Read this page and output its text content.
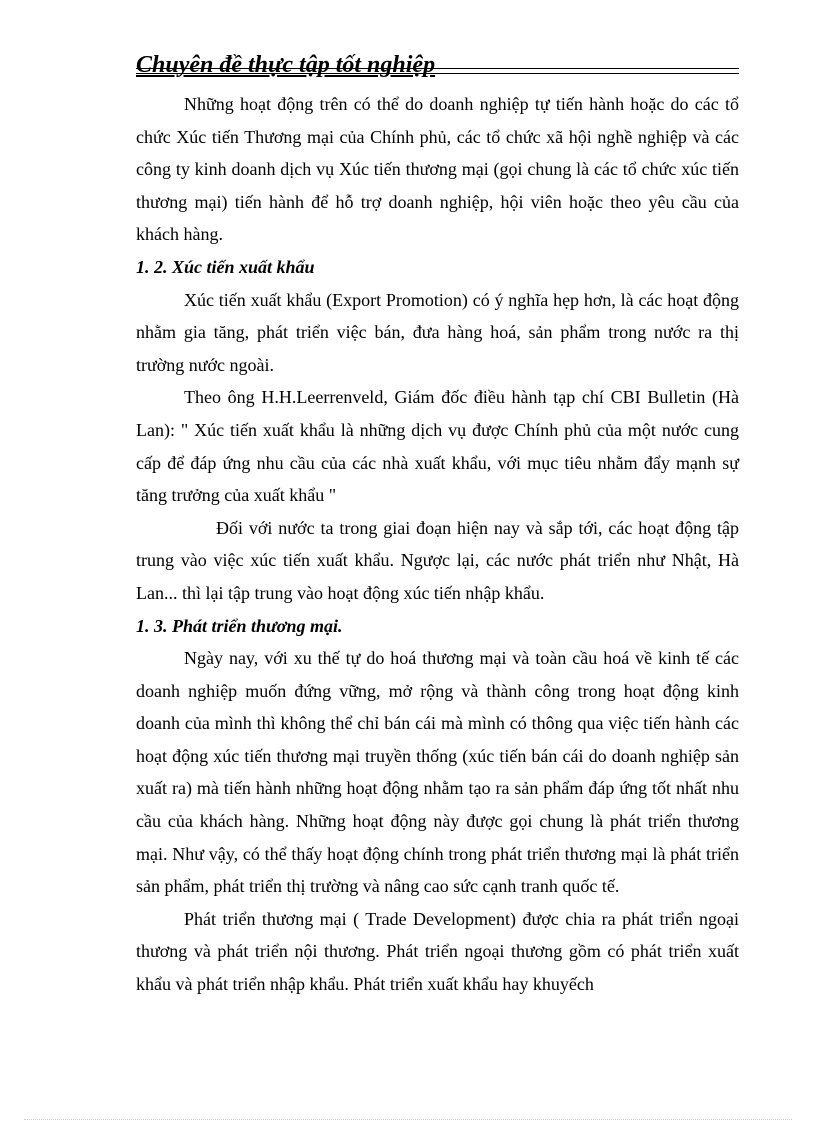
Chuyên đề thực tập tốt nghiệp

Những hoạt động trên có thể do doanh nghiệp tự tiến hành hoặc do các tổ chức Xúc tiến Thương mại của Chính phủ, các tổ chức xã hội nghề nghiệp và các công ty kinh doanh dịch vụ Xúc tiến thương mại (gọi chung là các tổ chức xúc tiến thương mại) tiến hành để hỗ trợ doanh nghiệp, hội viên hoặc theo yêu cầu của khách hàng.

1. 2. Xúc tiến xuất khẩu

Xúc tiến xuất khẩu (Export Promotion) có ý nghĩa hẹp hơn, là các hoạt động nhằm gia tăng, phát triển việc bán, đưa hàng hoá, sản phẩm trong nước ra thị trường nước ngoài.

Theo ông H.H.Leerrenveld, Giám đốc điều hành tạp chí CBI Bulletin (Hà Lan): " Xúc tiến xuất khẩu là những dịch vụ được Chính phủ của một nước cung cấp để đáp ứng nhu cầu của các nhà xuất khẩu, với mục tiêu nhằm đẩy mạnh sự tăng trưởng của xuất khẩu "

Đối với nước ta trong giai đoạn hiện nay và sắp tới, các hoạt động tập trung vào việc xúc tiến xuất khẩu. Ngược lại, các nước phát triển như Nhật, Hà Lan... thì lại tập trung vào hoạt động xúc tiến nhập khẩu.

1. 3. Phát triển thương mại.

Ngày nay, với xu thế tự do hoá thương mại và toàn cầu hoá về kinh tế các doanh nghiệp muốn đứng vững, mở rộng và thành công trong hoạt động kinh doanh của mình thì không thể chỉ bán cái mà mình có thông qua việc tiến hành các hoạt động xúc tiến thương mại truyền thống (xúc tiến bán cái do doanh nghiệp sản xuất ra) mà tiến hành những hoạt động nhằm tạo ra sản phẩm đáp ứng tốt nhất nhu cầu của khách hàng. Những hoạt động này được gọi chung là phát triển thương mại. Như vậy, có thể thấy hoạt động chính trong phát triển thương mại là phát triển sản phẩm, phát triển thị trường và nâng cao sức cạnh tranh quốc tế.

Phát triển thương mại ( Trade Development) được chia ra phát triển ngoại thương và phát triển nội thương. Phát triển ngoại thương gồm có phát triển xuất khẩu và phát triển nhập khẩu. Phát triển xuất khẩu hay khuyếch
